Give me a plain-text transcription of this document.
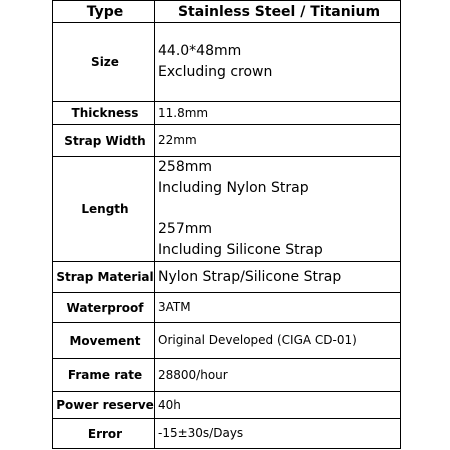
Type	Stainless Steel / Titanium
Size	44.0*48mm
Excluding crown

Thickness	11.8mm
Strap Width	22mm
Length	258mm
Including Nylon Strap
257mm
Including Silicone Strap

Strap Material	Nylon Strap/Silicone Strap
Waterproof	3ATM
Movement	Original Developed (CIGA CD-01)
Frame rate	28800/hour
Power reserve	40h
Error	-15±30s/Days
